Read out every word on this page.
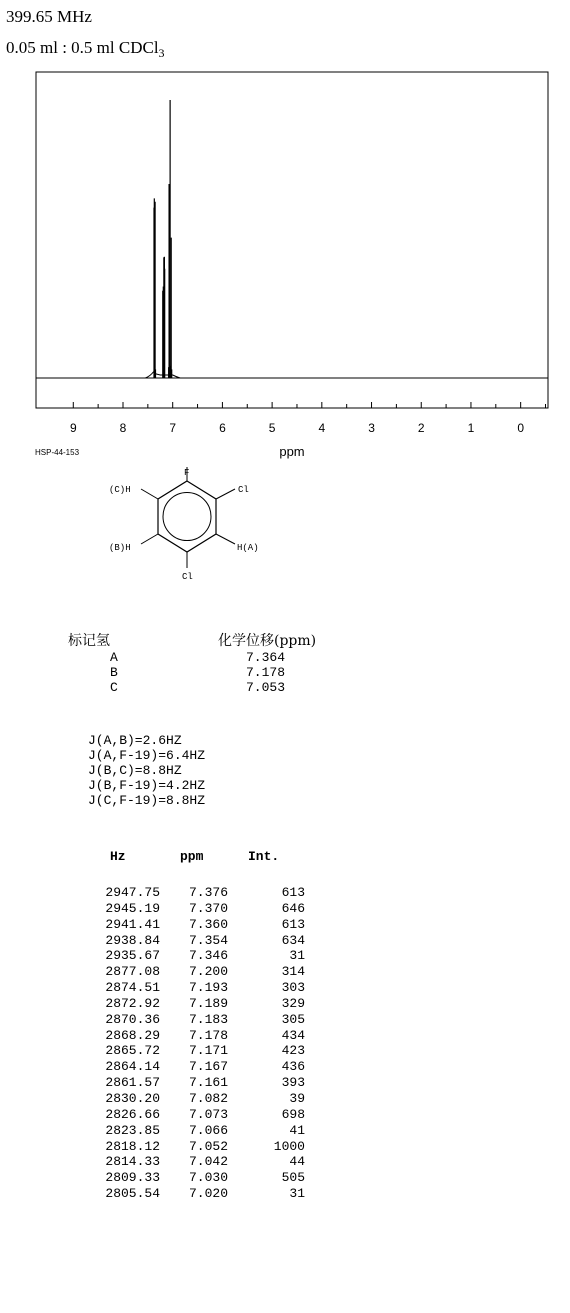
399.65 MHz
0.05 ml : 0.5 ml CDCl$_3$
9	8	7	6	5	4	3	2	1	0
ppm
HSP-44-153
F
Cl
H(A)
Cl
(B)H
(C)H
标记氢	化学位移(ppm)
A	7.364
B	7.178
C	7.053
J(A,B)=2.6HZ
J(A,F-19)=6.4HZ
J(B,C)=8.8HZ
J(B,F-19)=4.2HZ
J(C,F-19)=8.8HZ
Hz	ppm	Int.
2947.75 7.376	613
2945.19 7.370	646
2941.41 7.360	613
2938.84 7.354	634
2935.67 7.346	31
2877.08 7.200	314
2874.51 7.193	303
2872.92 7.189	329
2870.36 7.183	305
2868.29 7.178	434
2865.72 7.171	423
2864.14 7.167	436
2861.57 7.161	393
2830.20 7.082	39
2826.66 7.073	698
2823.85 7.066	41
2818.12 7.052	1000
2814.33 7.042	44
2809.33 7.030	505
2805.54 7.020	31
